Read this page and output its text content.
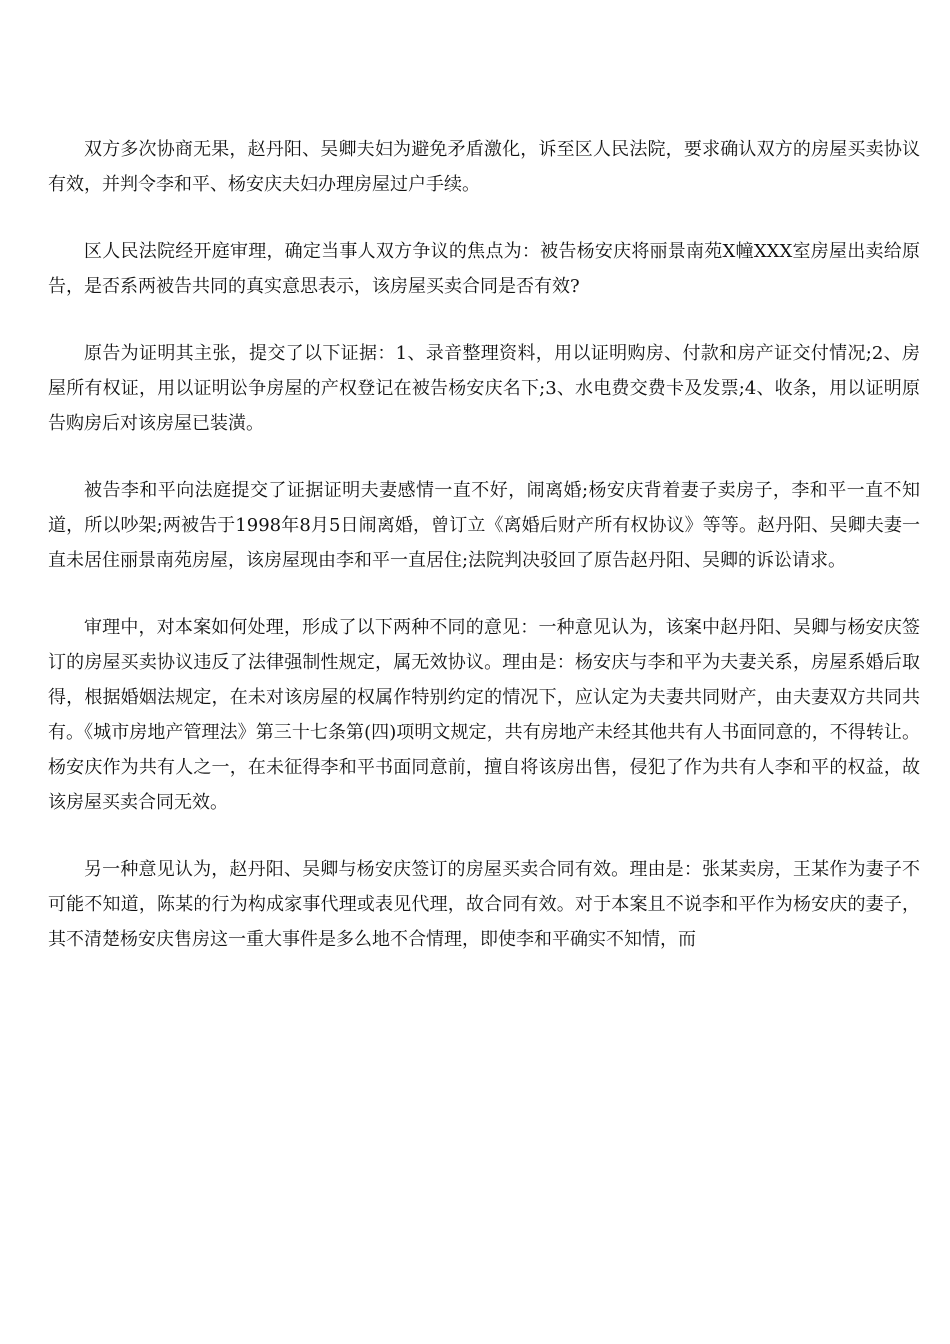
双方多次协商无果，赵丹阳、吴卿夫妇为避免矛盾激化，诉至区人民法院，要求确认双方的房屋买卖协议有效，并判令李和平、杨安庆夫妇办理房屋过户手续。

区人民法院经开庭审理，确定当事人双方争议的焦点为：被告杨安庆将丽景南苑X幢XXX室房屋出卖给原告，是否系两被告共同的真实意思表示，该房屋买卖合同是否有效?

原告为证明其主张，提交了以下证据：1、录音整理资料，用以证明购房、付款和房产证交付情况;2、房屋所有权证，用以证明讼争房屋的产权登记在被告杨安庆名下;3、水电费交费卡及发票;4、收条，用以证明原告购房后对该房屋已装潢。

被告李和平向法庭提交了证据证明夫妻感情一直不好，闹离婚;杨安庆背着妻子卖房子，李和平一直不知道，所以吵架;两被告于1998年8月5日闹离婚，曾订立《离婚后财产所有权协议》等等。赵丹阳、吴卿夫妻一直未居住丽景南苑房屋，该房屋现由李和平一直居住;法院判决驳回了原告赵丹阳、吴卿的诉讼请求。

审理中，对本案如何处理，形成了以下两种不同的意见：一种意见认为，该案中赵丹阳、吴卿与杨安庆签订的房屋买卖协议违反了法律强制性规定，属无效协议。理由是：杨安庆与李和平为夫妻关系，房屋系婚后取得，根据婚姻法规定，在未对该房屋的权属作特别约定的情况下，应认定为夫妻共同财产，由夫妻双方共同共有。《城市房地产管理法》第三十七条第(四)项明文规定，共有房地产未经其他共有人书面同意的，不得转让。杨安庆作为共有人之一，在未征得李和平书面同意前，擅自将该房出售，侵犯了作为共有人李和平的权益，故该房屋买卖合同无效。

另一种意见认为，赵丹阳、吴卿与杨安庆签订的房屋买卖合同有效。理由是：张某卖房，王某作为妻子不可能不知道，陈某的行为构成家事代理或表见代理，故合同有效。对于本案且不说李和平作为杨安庆的妻子，其不清楚杨安庆售房这一重大事件是多么地不合情理，即使李和平确实不知情，而
